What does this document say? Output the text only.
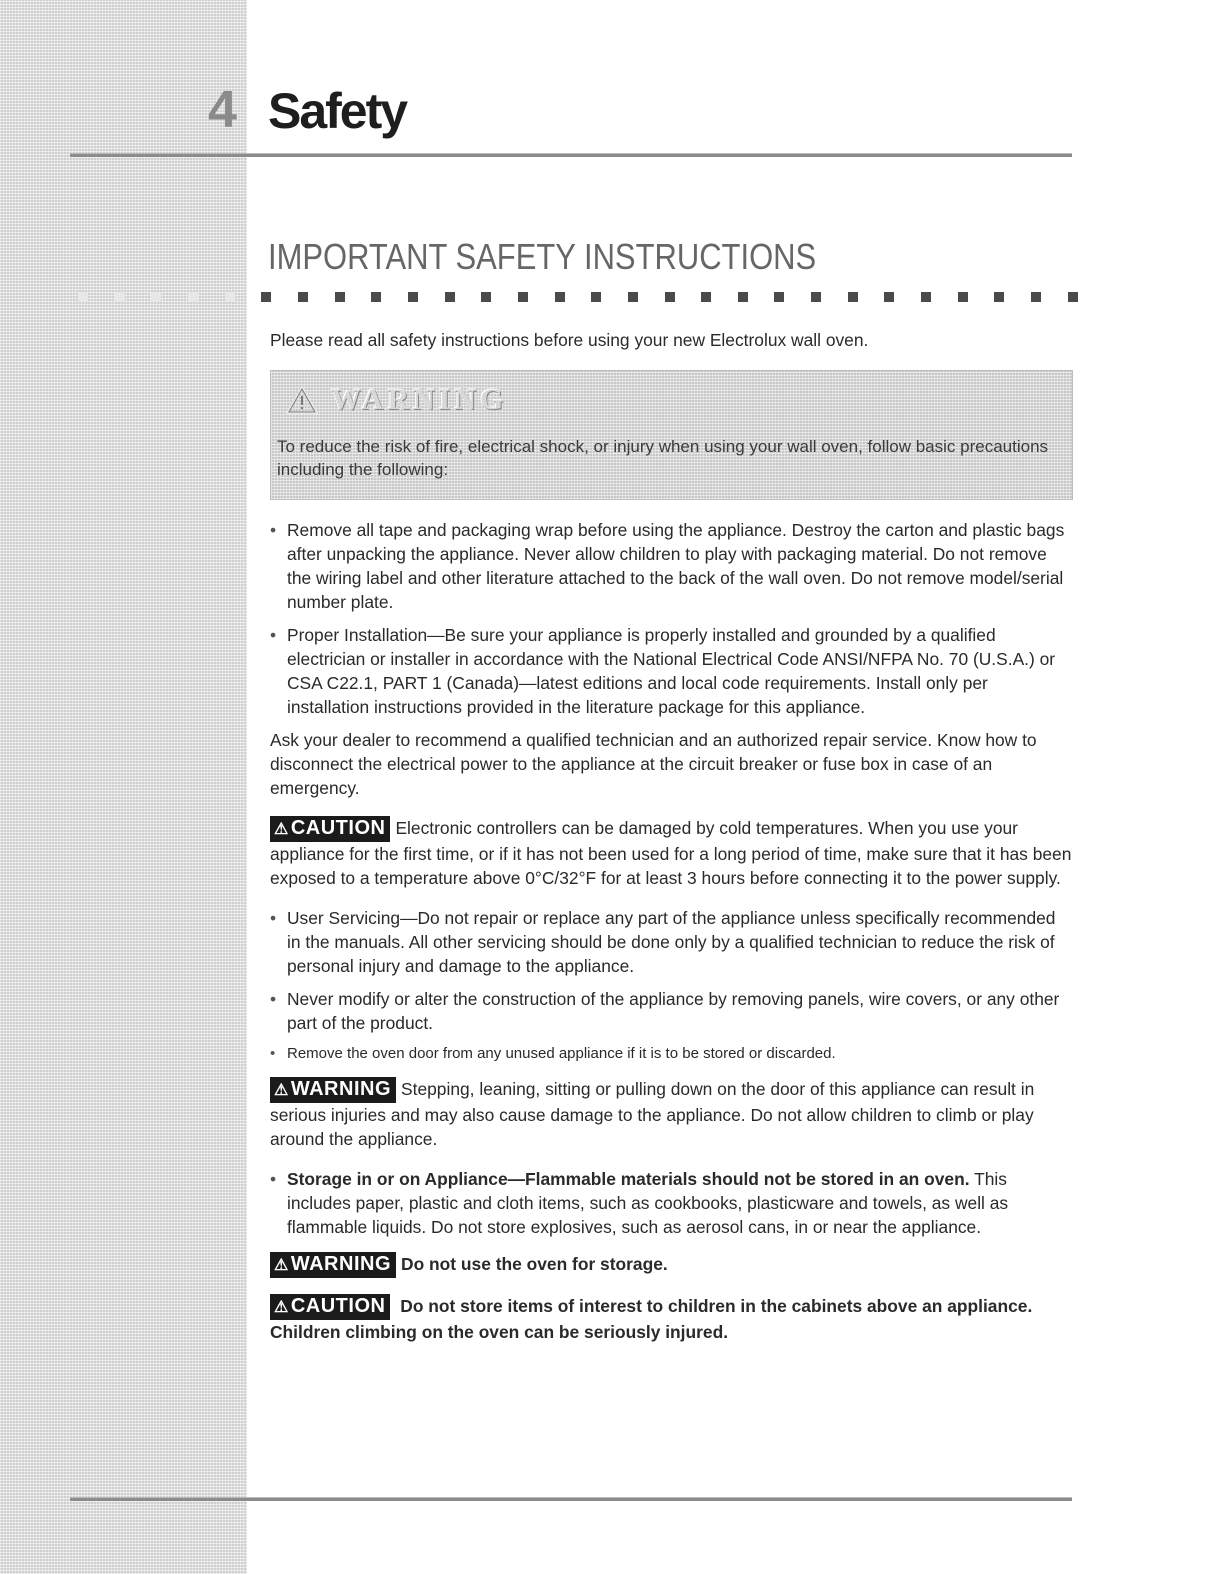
4 Safety
IMPORTANT SAFETY INSTRUCTIONS

Please read all safety instructions before using your new Electrolux wall oven.

WARNING
To reduce the risk of fire, electrical shock, or injury when using your wall oven, follow basic precautions including the following:
• Remove all tape and packaging wrap before using the appliance. Destroy the carton and plastic bags after unpacking the appliance. Never allow children to play with packaging material. Do not remove the wiring label and other literature attached to the back of the wall oven. Do not remove model/serial number plate.
• Proper Installation—Be sure your appliance is properly installed and grounded by a qualified electrician or installer in accordance with the National Electrical Code ANSI/NFPA No. 70 (U.S.A.) or CSA C22.1, PART 1 (Canada)—latest editions and local code requirements. Install only per installation instructions provided in the literature package for this appliance.

Ask your dealer to recommend a qualified technician and an authorized repair service. Know how to disconnect the electrical power to the appliance at the circuit breaker or fuse box in case of an emergency.

⚠ CAUTION Electronic controllers can be damaged by cold temperatures. When you use your appliance for the first time, or if it has not been used for a long period of time, make sure that it has been exposed to a temperature above 0°C/32°F for at least 3 hours before connecting it to the power supply.

• User Servicing—Do not repair or replace any part of the appliance unless specifically recommended in the manuals. All other servicing should be done only by a qualified technician to reduce the risk of personal injury and damage to the appliance.
• Never modify or alter the construction of the appliance by removing panels, wire covers, or any other part of the product.
• Remove the oven door from any unused appliance if it is to be stored or discarded.

⚠ WARNING Stepping, leaning, sitting or pulling down on the door of this appliance can result in serious injuries and may also cause damage to the appliance. Do not allow children to climb or play around the appliance.

• Storage in or on Appliance—Flammable materials should not be stored in an oven. This includes paper, plastic and cloth items, such as cookbooks, plasticware and towels, as well as flammable liquids. Do not store explosives, such as aerosol cans, in or near the appliance.

⚠ WARNING Do not use the oven for storage.

⚠ CAUTION Do not store items of interest to children in the cabinets above an appliance. Children climbing on the oven can be seriously injured.
